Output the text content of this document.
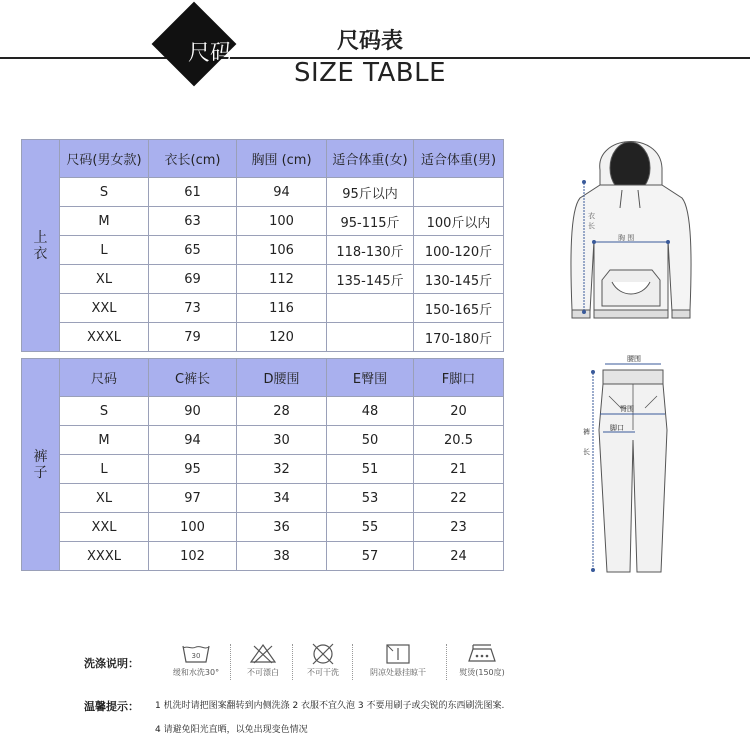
尺码	尺码表
SIZE TABLE
上
衣	尺码(男女款)	衣长(cm)	胸围 (cm)	适合体重(女)	适合体重(男)
	S	61	94	95斤以内	
	M	63	100	95-115斤	100斤以内
	L	65	106	118-130斤	100-120斤
	XL	69	112	135-145斤	130-145斤
	XXL	73	116		150-165斤
	XXXL	79	120		170-180斤
裤
子	尺码	C裤长	D腰围	E臀围	F脚口
	S	90	28	48	20
	M	94	30	50	20.5
	L	95	32	51	21
	XL	97	34	53	22
	XXL	100	36	55	23
	XXXL	102	38	57	24
衣
长
胸 围
腰围
臀围
脚口
裤
长
洗涤说明：
30
缓和水洗30°	不可漂白	不可干洗	阴凉处悬挂晾干	熨烫(150度)
温馨提示： 1 机洗时请把图案翻转到内侧洗涤 2 衣服不宜久泡 3 不要用刷子或尖锐的东西刷洗图案.
4 请避免阳光直晒，以免出现变色情况
